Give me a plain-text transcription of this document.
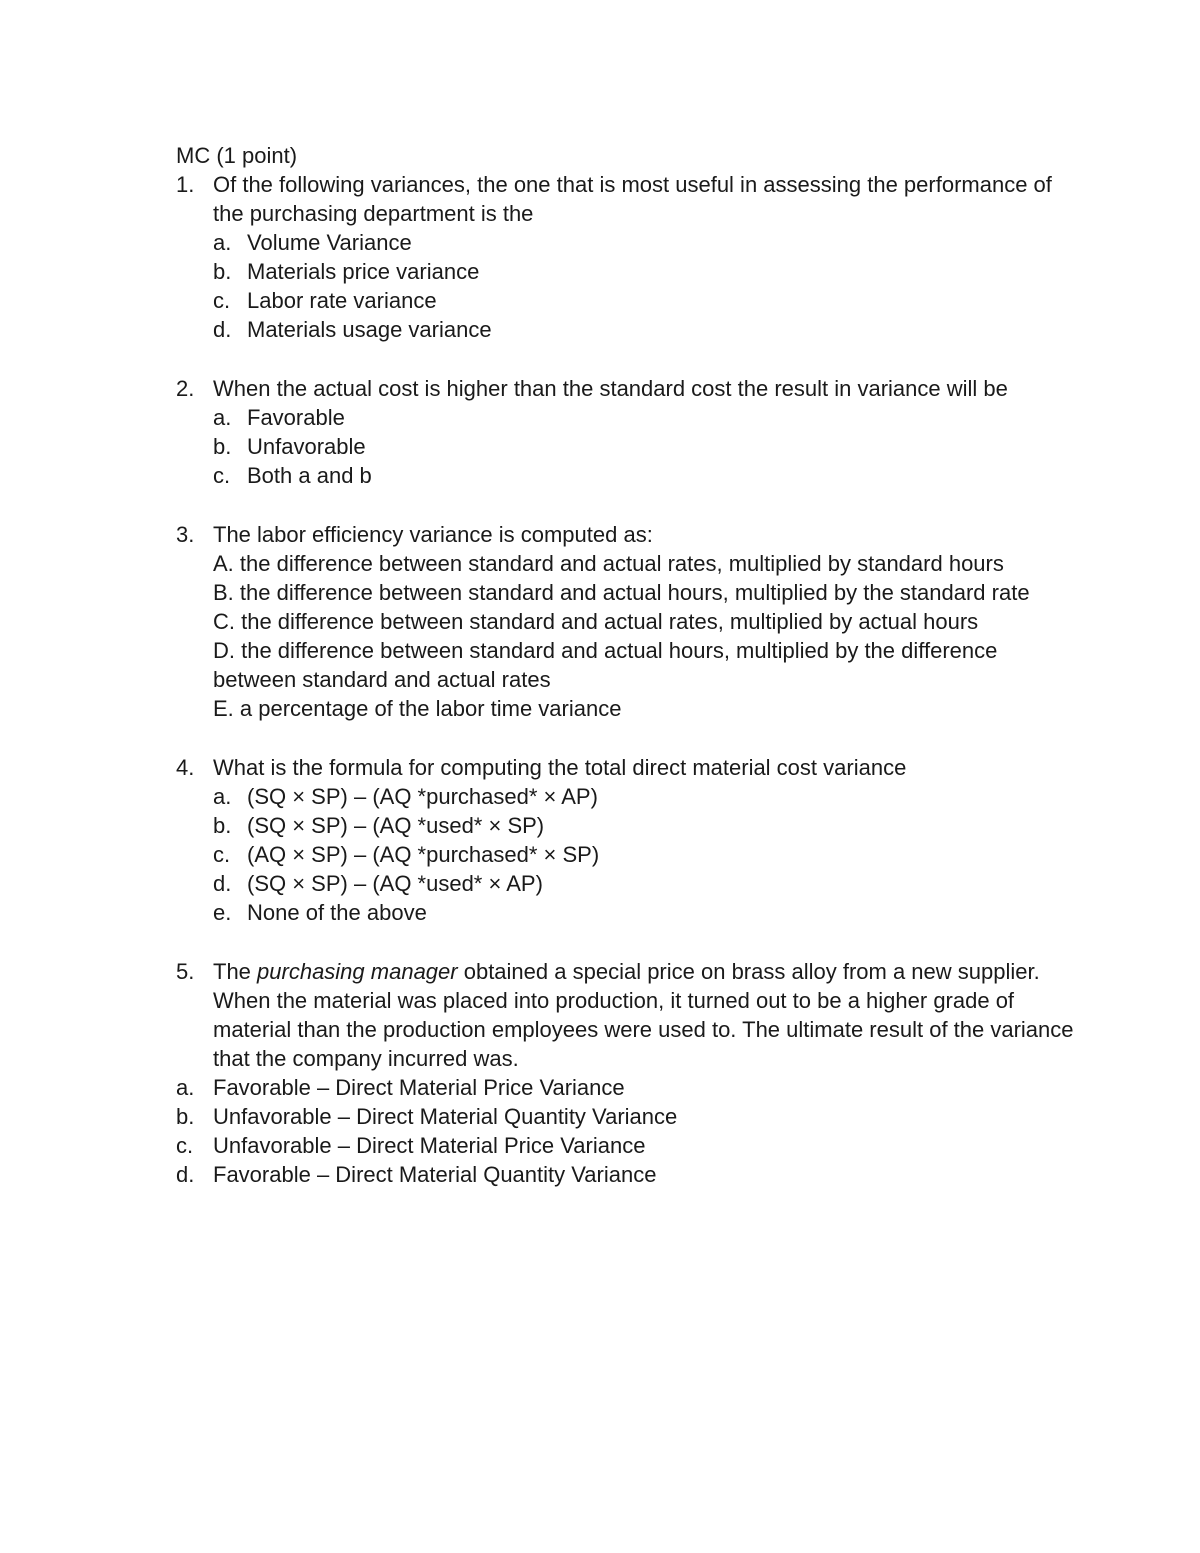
MC (1 point)
1. Of the following variances, the one that is most useful in assessing the performance of the purchasing department is the
a. Volume Variance
b. Materials price variance
c. Labor rate variance
d. Materials usage variance
2. When the actual cost is higher than the standard cost the result in variance will be
a. Favorable
b. Unfavorable
c. Both a and b
3. The labor efficiency variance is computed as:
A. the difference between standard and actual rates, multiplied by standard hours
B. the difference between standard and actual hours, multiplied by the standard rate
C. the difference between standard and actual rates, multiplied by actual hours
D. the difference between standard and actual hours, multiplied by the difference between standard and actual rates
E. a percentage of the labor time variance
4. What is the formula for computing the total direct material cost variance
a. (SQ × SP) – (AQ *purchased* × AP)
b. (SQ × SP) – (AQ *used* × SP)
c. (AQ × SP) – (AQ *purchased* × SP)
d. (SQ × SP) – (AQ *used* × AP)
e. None of the above
5. The purchasing manager obtained a special price on brass alloy from a new supplier. When the material was placed into production, it turned out to be a higher grade of material than the production employees were used to. The ultimate result of the variance that the company incurred was.
a. Favorable – Direct Material Price Variance
b. Unfavorable – Direct Material Quantity Variance
c. Unfavorable – Direct Material Price Variance
d. Favorable – Direct Material Quantity Variance
